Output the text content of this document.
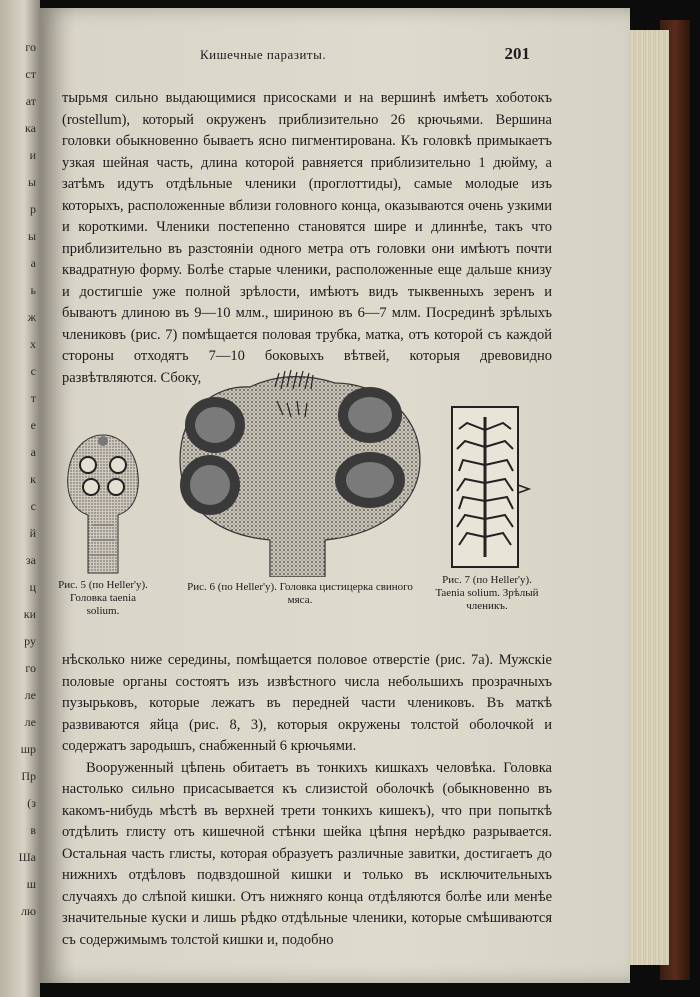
го
ст
ат
ка
и
ы
р
ы
а
ь
ж
х
с
т
е
а
к
с
й
за
ц
ки
ру
го
ле
ле
шр
Пр
(з
в
Ша
ш
лю
Кишечные паразиты.	201

тырьмя сильно выдающимися присосками и на вершинѣ имѣетъ хоботокъ (rostellum), который окруженъ приблизительно 26 крючьями. Вершина головки обыкновенно бываетъ ясно пигментирована. Къ головкѣ примыкаетъ узкая шейная часть, длина которой равняется приблизительно 1 дюйму, а затѣмъ идутъ отдѣльные членики (проглоттиды), самые молодые изъ которыхъ, расположенные вблизи головного конца, оказываются очень узкими и короткими. Членики постепенно становятся шире и длиннѣе, такъ что приблизительно въ разстояніи одного метра отъ головки они имѣютъ почти квадратную форму. Болѣе старые членики, расположенные еще дальше книзу и достигшіе уже полной зрѣлости, имѣютъ видъ тыквенныхъ зеренъ и бываютъ длиною въ 9—10 млм., шириною въ 6—7 млм. Посрединѣ зрѣлыхъ члениковъ (рис. 7) помѣщается половая трубка, матка, отъ которой съ каждой стороны отходятъ 7—10 боковыхъ вѣтвей, которыя древовидно развѣтвляются. Сбоку,

Рис. 5 (по Heller'у). Головка taenia solium.
Рис. 6 (по Heller'у). Головка цистицерка свиного мяса.
Рис. 7 (по Heller'у). Taenia solium. Зрѣлый членикъ.

нѣсколько ниже середины, помѣщается половое отверстіе (рис. 7а). Мужскіе половые органы состоятъ изъ извѣстного числа небольшихъ прозрачныхъ пузырьковъ, которые лежатъ въ передней части члениковъ. Въ маткѣ развиваются яйца (рис. 8, 3), которыя окружены толстой оболочкой и содержатъ зародышъ, снабженный 6 крючьями.

Вооруженный цѣпень обитаетъ въ тонкихъ кишкахъ человѣка. Головка настолько сильно присасывается къ слизистой оболочкѣ (обыкновенно въ какомъ-нибудь мѣстѣ въ верхней трети тонкихъ кишекъ), что при попыткѣ отдѣлить глисту отъ кишечной стѣнки шейка цѣпня нерѣдко разрывается. Остальная часть глисты, которая образуетъ различные завитки, достигаетъ до нижнихъ отдѣловъ подвздошной кишки и только въ исключительныхъ случаяхъ до слѣпой кишки. Отъ нижняго конца отдѣляются болѣе или менѣе значительные куски и лишь рѣдко отдѣльные членики, которые смѣшиваются съ содержимымъ толстой кишки и, подобно
